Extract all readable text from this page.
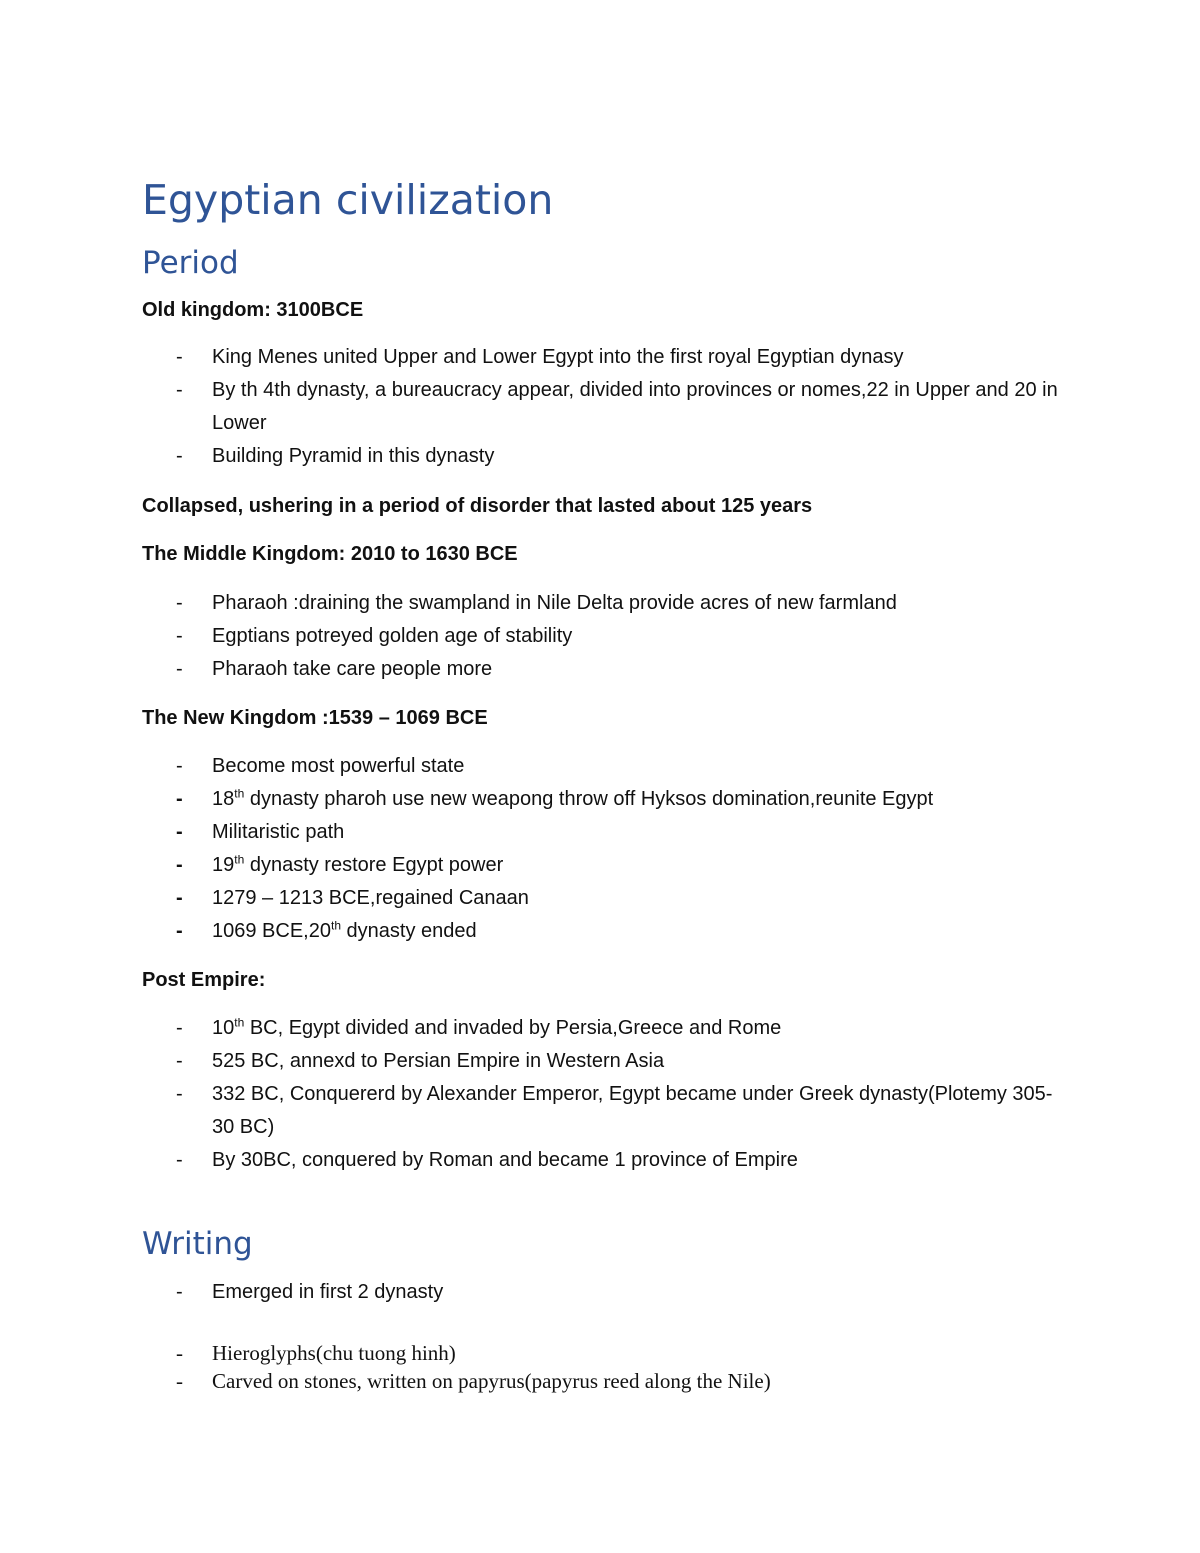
Egyptian civilization
Period

Old kingdom: 3100BCE

- King Menes united Upper and Lower Egypt into the first royal Egyptian dynasy
- By th 4th dynasty, a bureaucracy appear, divided into provinces or nomes,22 in Upper and 20 in Lower
- Building Pyramid in this dynasty

Collapsed, ushering in a period of disorder that lasted about 125 years

The Middle Kingdom: 2010 to 1630 BCE

- Pharaoh :draining the swampland in Nile Delta provide acres of new farmland
- Egptians potreyed golden age of stability
- Pharaoh take care people more

The New Kingdom :1539 – 1069 BCE

- Become most powerful state
- 18th dynasty pharoh use new weapong throw off Hyksos domination,reunite Egypt
- Militaristic path
- 19th dynasty restore Egypt power
- 1279 – 1213 BCE,regained Canaan
- 1069 BCE,20th dynasty ended

Post Empire:

- 10th BC, Egypt divided and invaded by Persia,Greece and Rome
- 525 BC, annexd to Persian Empire in Western Asia
- 332 BC, Conquererd by Alexander Emperor, Egypt became under Greek dynasty(Plotemy 305- 30 BC)
- By 30BC, conquered by Roman and became 1 province of Empire
Writing
- Emerged in first 2 dynasty
- Hieroglyphs(chu tuong hinh)
- Carved on stones, written on papyrus(papyrus reed along the Nile)
